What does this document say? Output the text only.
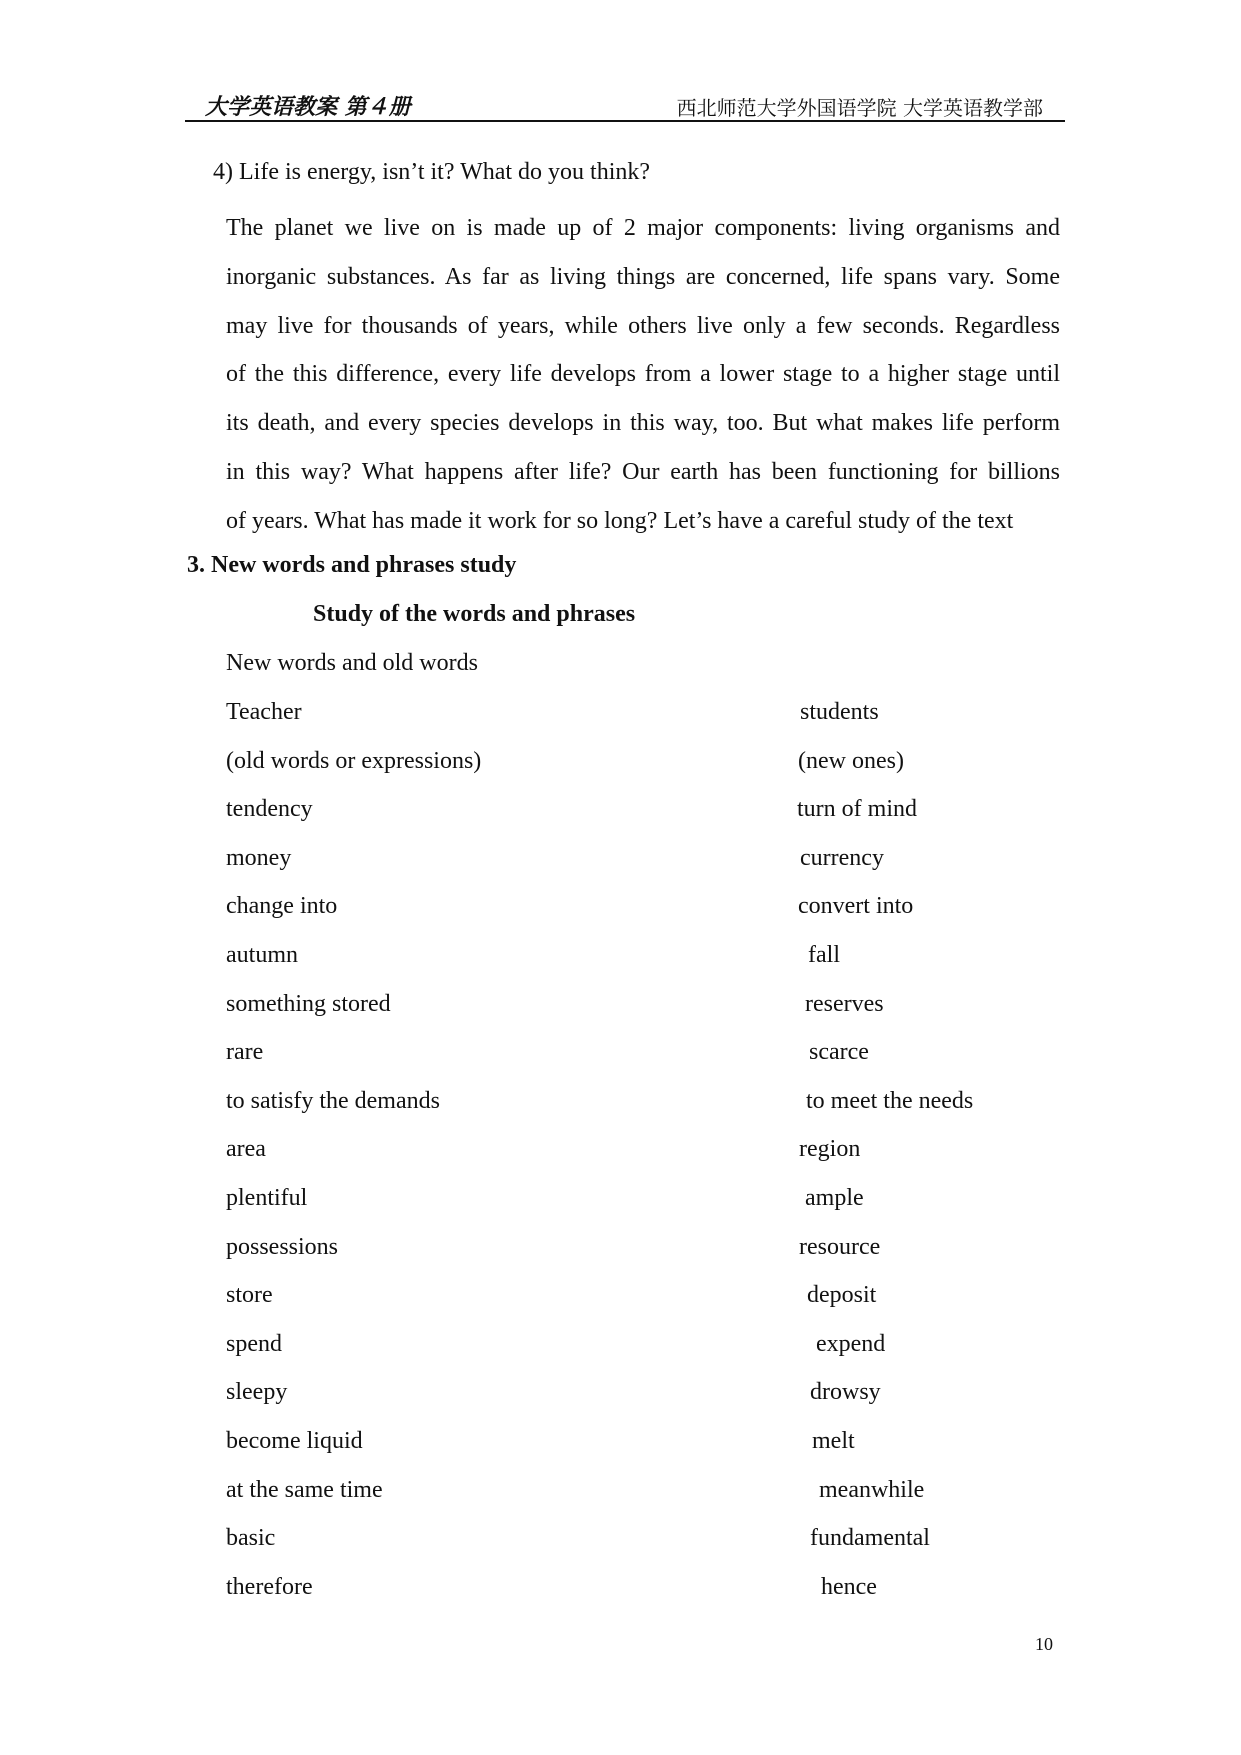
大学英语教案 第４册	西北师范大学外国语学院 大学英语教学部
4) Life is energy, isn’t it? What do you think?
The planet we live on is made up of 2 major components: living organisms and
inorganic substances. As far as living things are concerned, life spans vary. Some
may live for thousands of years, while others live only a few seconds. Regardless
of the this difference, every life develops from a lower stage to a higher stage until
its death, and every species develops in this way, too. But what makes life perform
in this way? What happens after life? Our earth has been functioning for billions
of years. What has made it work for so long? Let’s have a careful study of the text
3. New words and phrases study
Study of the words and phrases
New words and old words
Teacher	students
(old words or expressions)	(new ones)
tendency	turn of mind
money	currency
change into	convert into
autumn	fall
something stored	reserves
rare	scarce
to satisfy the demands	to meet the needs
area	region
plentiful	ample
possessions	resource
store	deposit
spend	expend
sleepy	drowsy
become liquid	melt
at the same time	meanwhile
basic	fundamental
therefore	hence
10
